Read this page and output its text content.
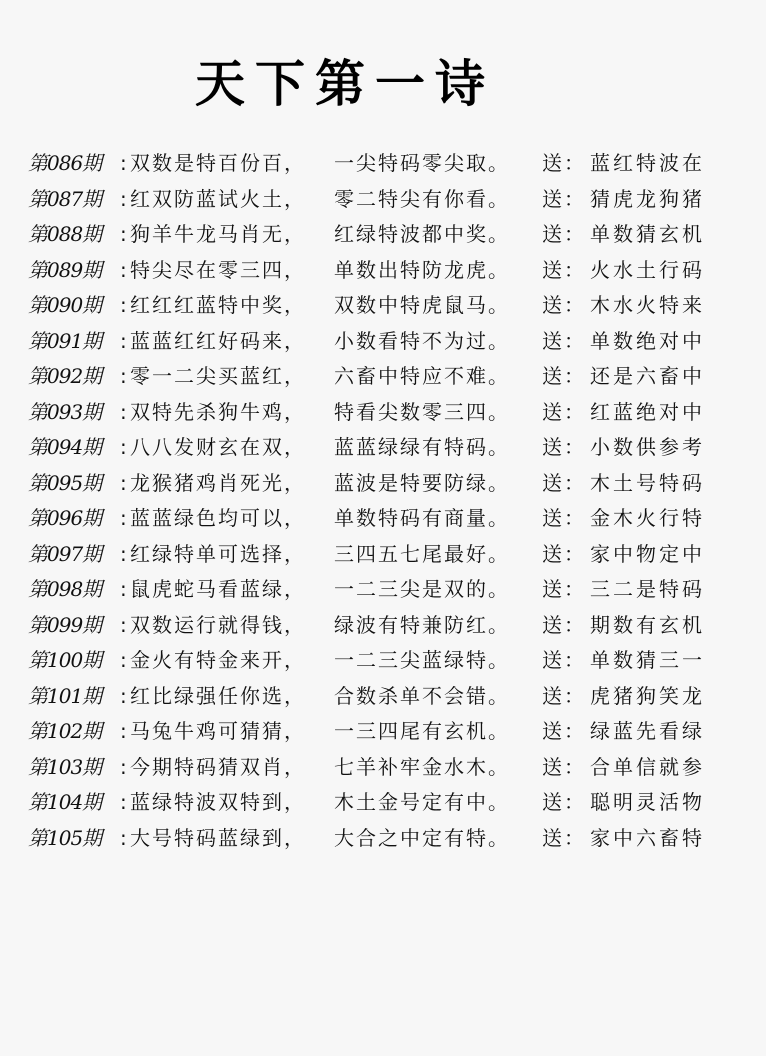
天下第一诗
第086期 : 双数是特百份百，	一尖特码零尖取。	送： 蓝红特波在
第087期 : 红双防蓝试火土，	零二特尖有你看。	送： 猜虎龙狗猪
第088期 : 狗羊牛龙马肖无，	红绿特波都中奖。	送： 单数猜玄机
第089期 : 特尖尽在零三四，	单数出特防龙虎。	送： 火水土行码
第090期 : 红红红蓝特中奖，	双数中特虎鼠马。	送： 木水火特来
第091期 : 蓝蓝红红好码来，	小数看特不为过。	送： 单数绝对中
第092期 : 零一二尖买蓝红，	六畜中特应不难。	送： 还是六畜中
第093期 : 双特先杀狗牛鸡，	特看尖数零三四。	送： 红蓝绝对中
第094期 : 八八发财玄在双，	蓝蓝绿绿有特码。	送： 小数供参考
第095期 : 龙猴猪鸡肖死光，	蓝波是特要防绿。	送： 木土号特码
第096期 : 蓝蓝绿色均可以，	单数特码有商量。	送： 金木火行特
第097期 : 红绿特单可选择，	三四五七尾最好。	送： 家中物定中
第098期 : 鼠虎蛇马看蓝绿，	一二三尖是双的。	送： 三二是特码
第099期 : 双数运行就得钱，	绿波有特兼防红。	送： 期数有玄机
第100期 : 金火有特金来开，	一二三尖蓝绿特。	送： 单数猜三一
第101期 : 红比绿强任你选，	合数杀单不会错。	送： 虎猪狗笑龙
第102期 : 马兔牛鸡可猜猜，	一三四尾有玄机。	送： 绿蓝先看绿
第103期 : 今期特码猜双肖，	七羊补牢金水木。	送： 合单信就参
第104期 : 蓝绿特波双特到，	木土金号定有中。	送： 聪明灵活物
第105期 : 大号特码蓝绿到，	大合之中定有特。	送： 家中六畜特
